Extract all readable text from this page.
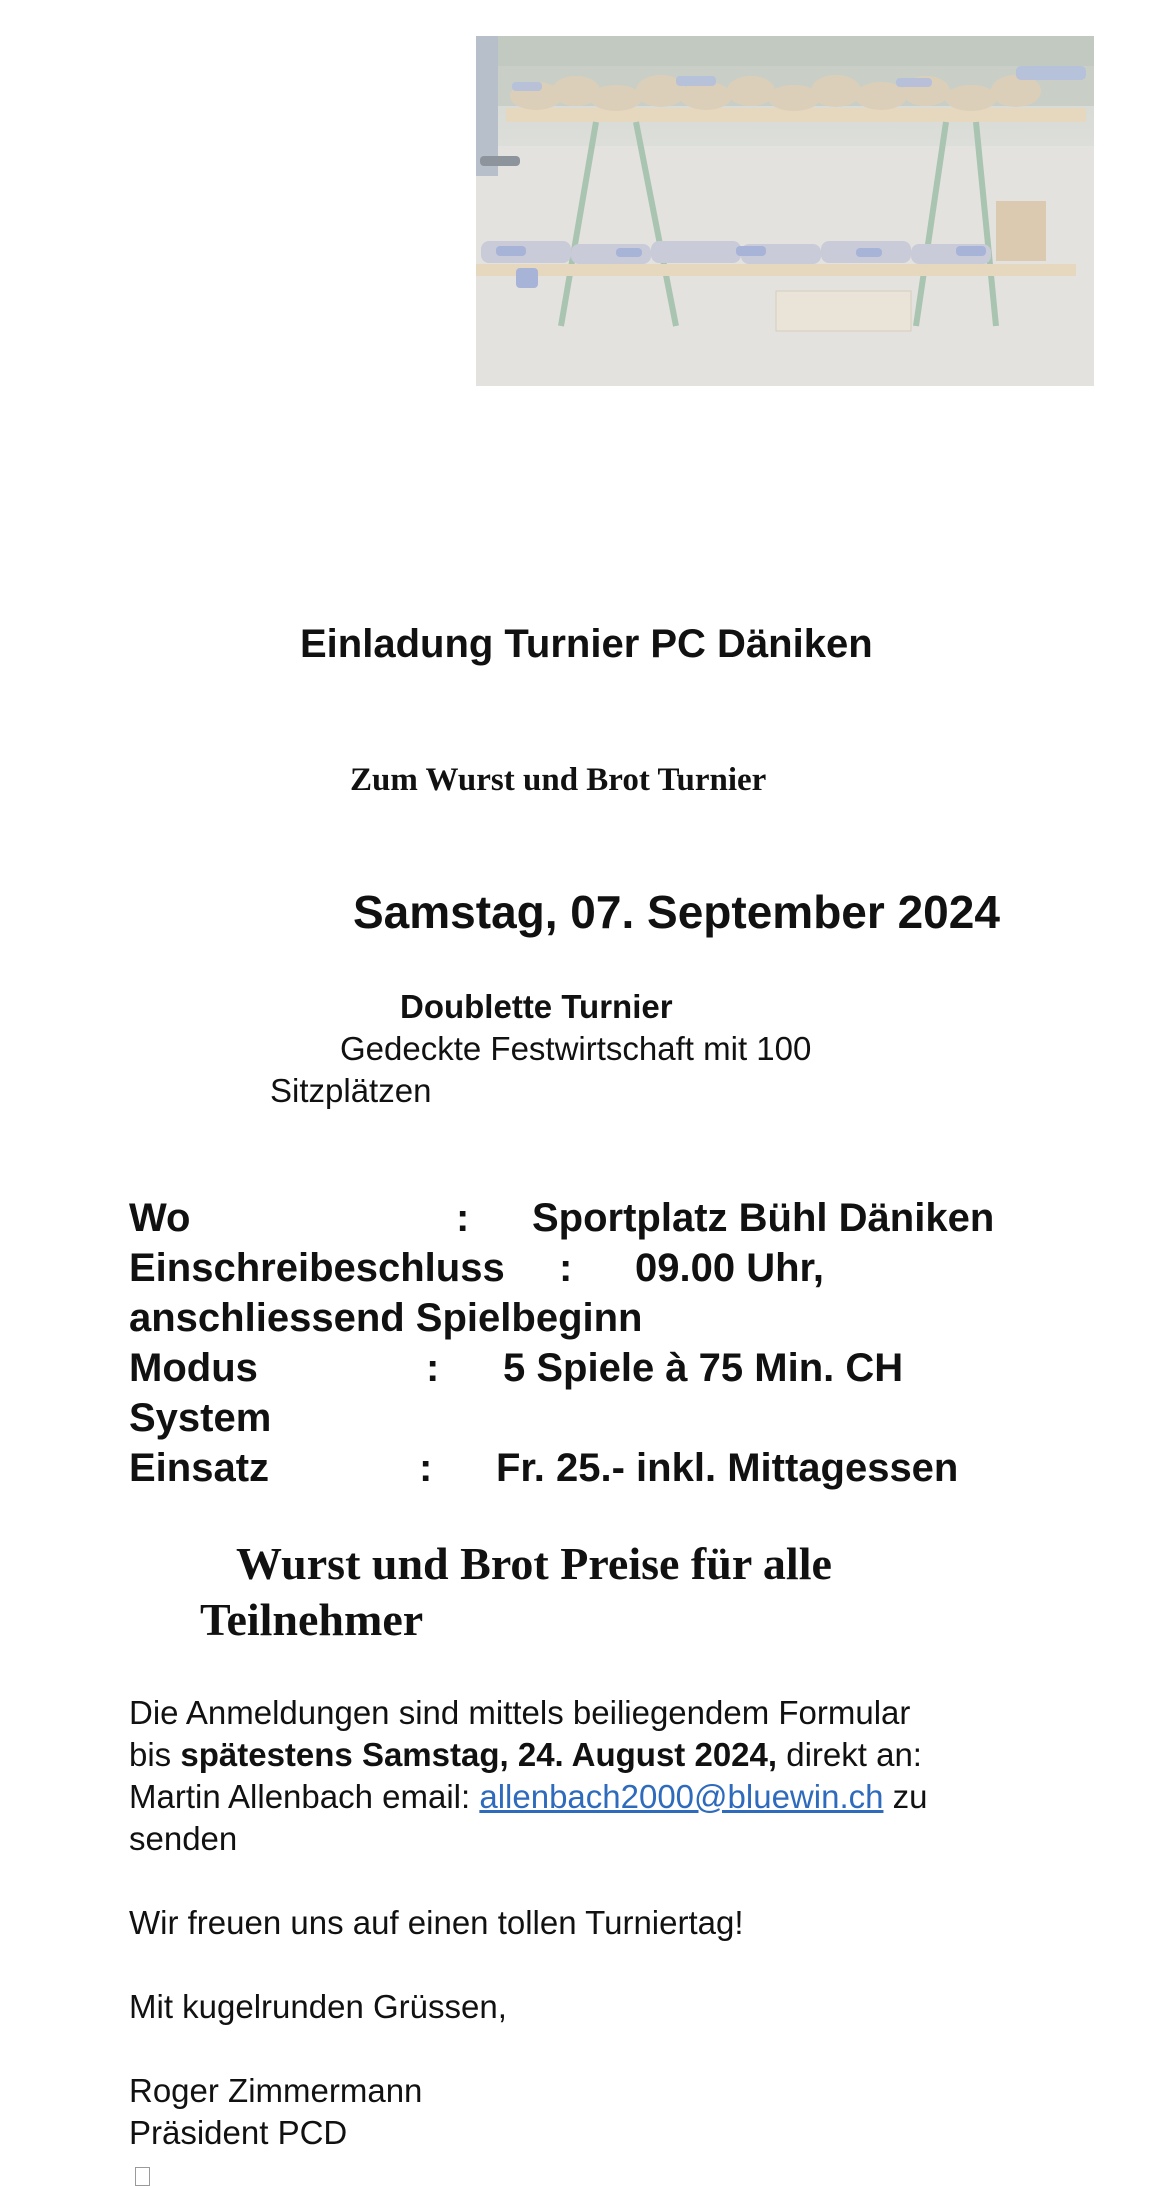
Einladung Turnier PC Däniken
Zum Wurst und Brot Turnier
Samstag, 07. September 2024
Doublette Turnier
Gedeckte Festwirtschaft mit 100
Sitzplätzen
Wo	: Sportplatz Bühl Däniken
Einschreibeschluss : 09.00 Uhr,
anschliessend Spielbeginn
Modus	: 5 Spiele à 75 Min. CH
System
Einsatz	: Fr. 25.- inkl. Mittagessen
Wurst und Brot Preise für alle
Teilnehmer
Die Anmeldungen sind mittels beiliegendem Formular
bis spätestens Samstag, 24. August 2024, direkt an:
Martin Allenbach email: allenbach2000@bluewin.ch zu
senden
Wir freuen uns auf einen tollen Turniertag!
Mit kugelrunden Grüssen,
Roger Zimmermann
Präsident PCD
